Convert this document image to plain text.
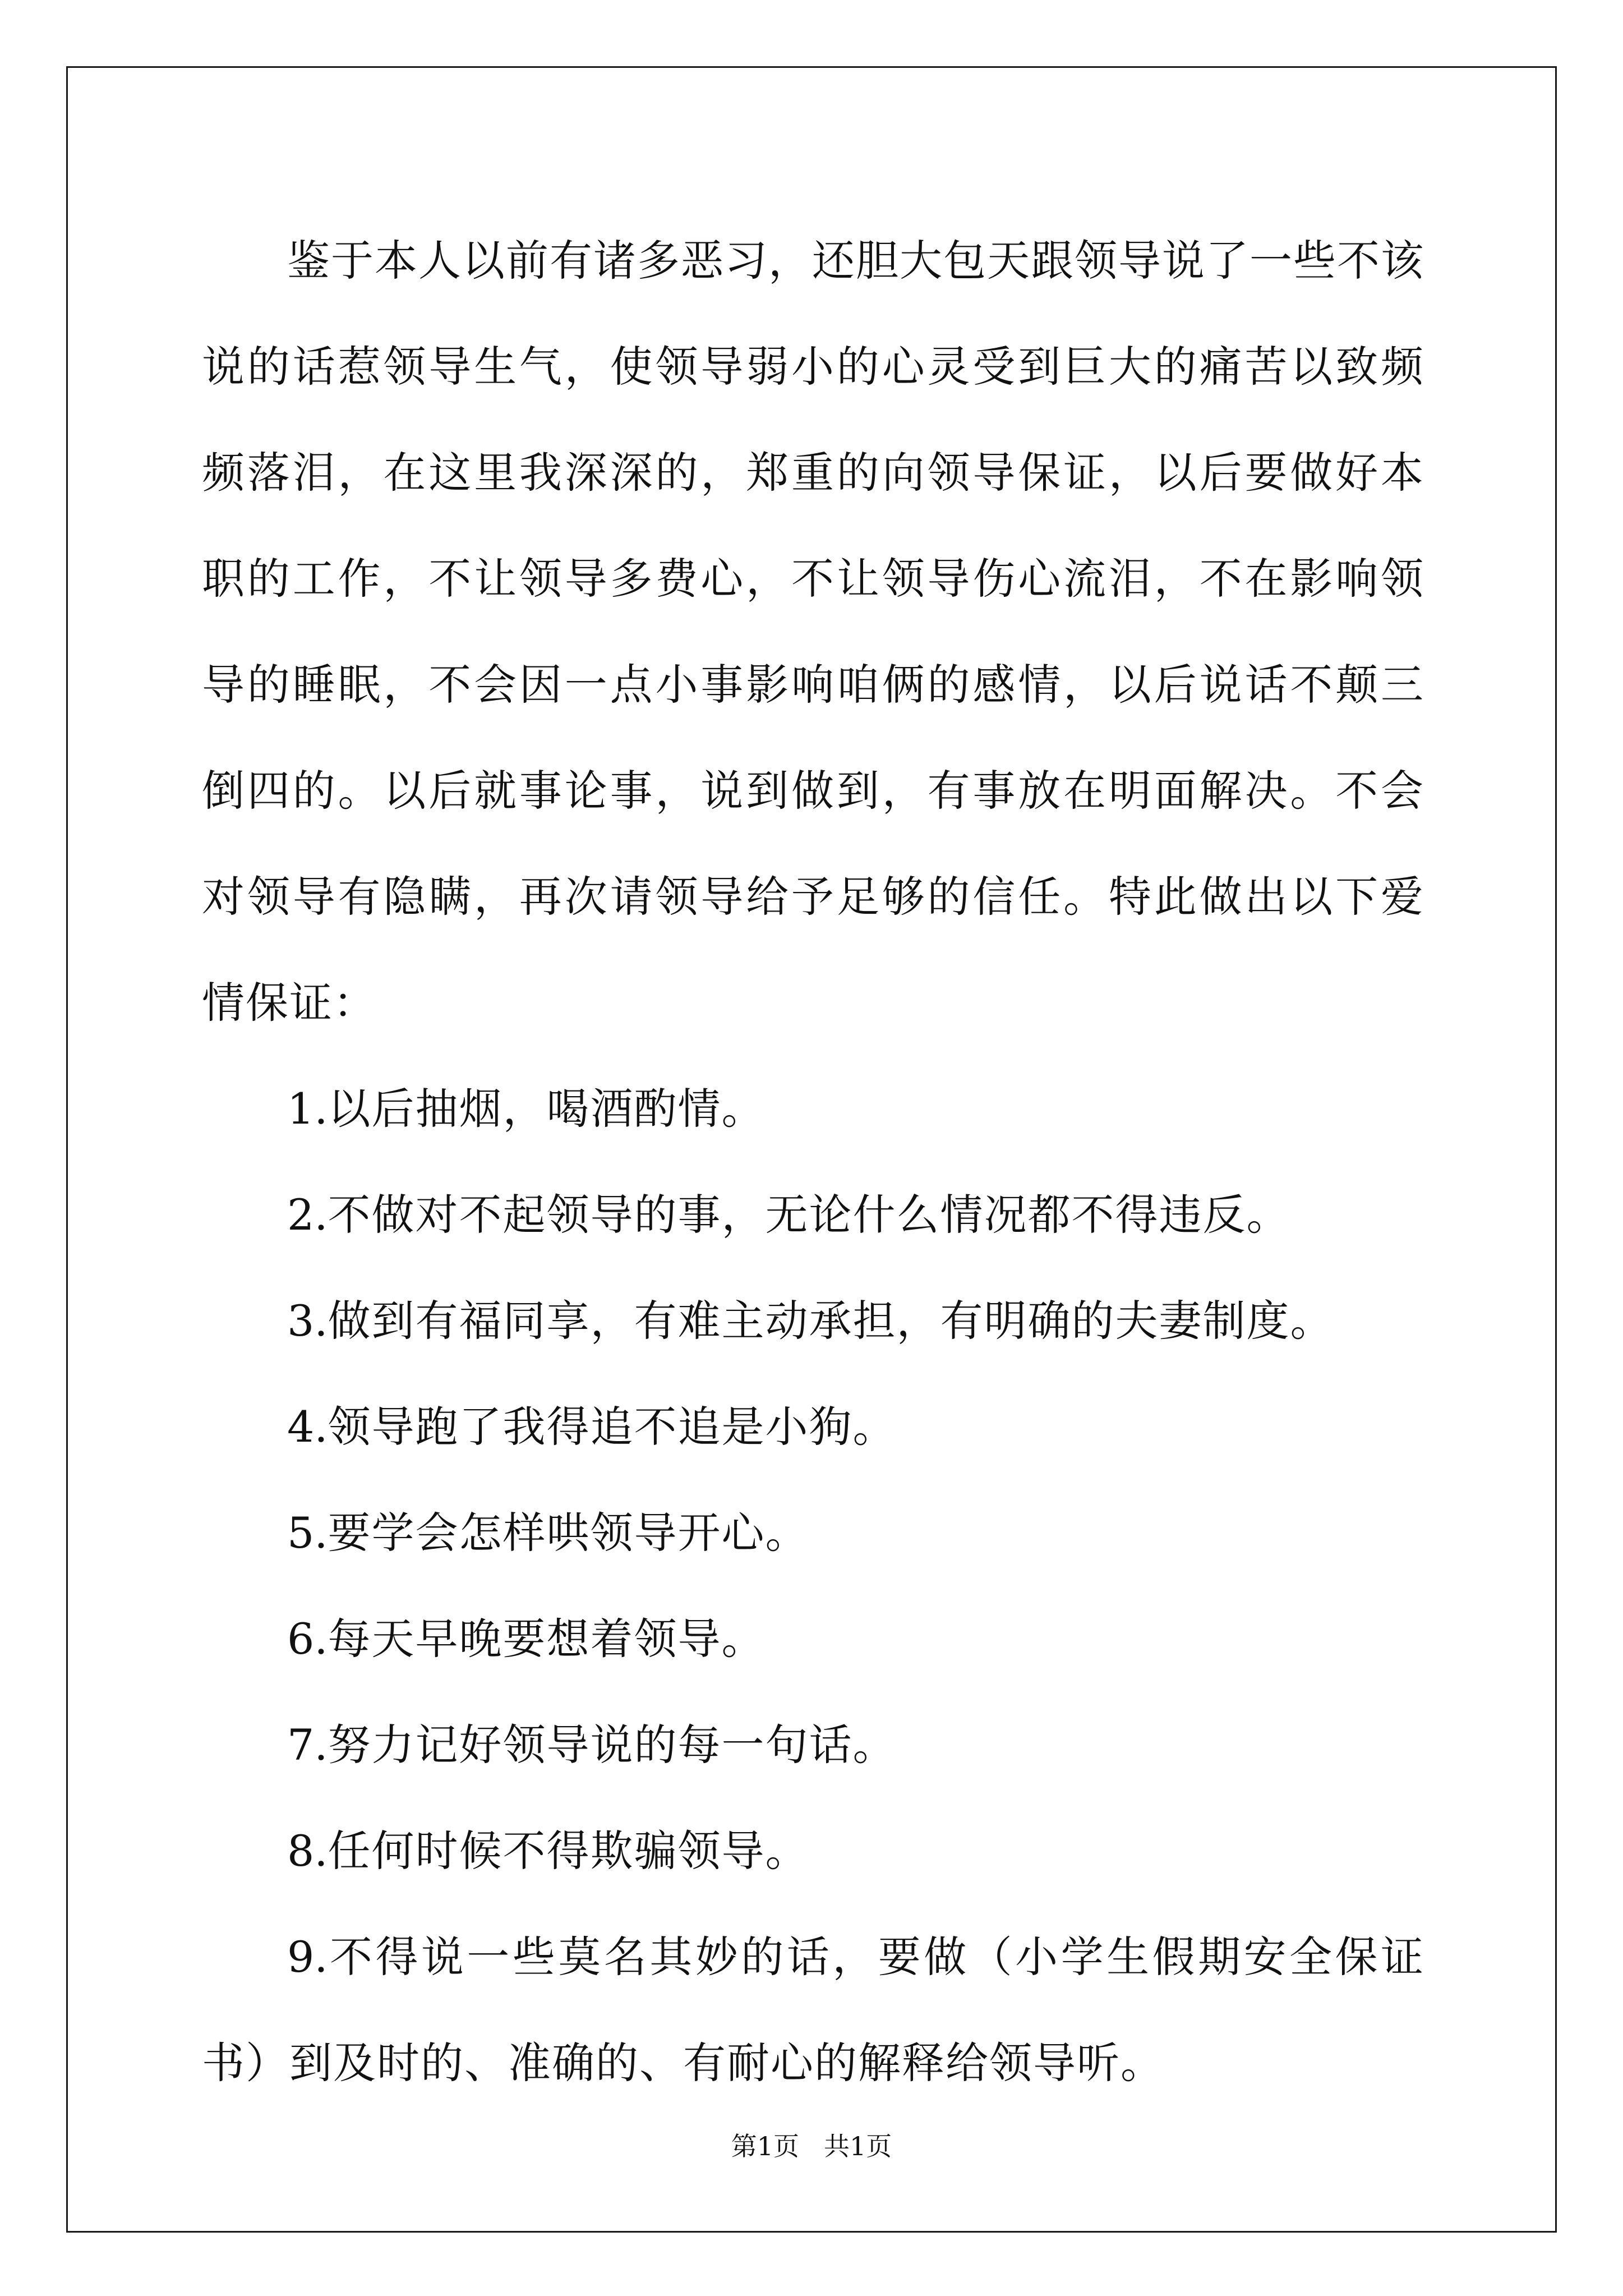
鉴于本人以前有诸多恶习，还胆大包天跟领导说了一些不该说的话惹领导生气，使领导弱小的心灵受到巨大的痛苦以致频频落泪，在这里我深深的，郑重的向领导保证，以后要做好本职的工作，不让领导多费心，不让领导伤心流泪，不在影响领导的睡眠，不会因一点小事影响咱俩的感情，以后说话不颠三倒四的。以后就事论事，说到做到，有事放在明面解决。不会对领导有隐瞒，再次请领导给予足够的信任。特此做出以下爱情保证：

1.以后抽烟，喝酒酌情。

2.不做对不起领导的事，无论什么情况都不得违反。

3.做到有福同享，有难主动承担，有明确的夫妻制度。

4.领导跑了我得追不追是小狗。

5.要学会怎样哄领导开心。

6.每天早晚要想着领导。

7.努力记好领导说的每一句话。

8.任何时候不得欺骗领导。

9.不得说一些莫名其妙的话，要做（小学生假期安全保证书）到及时的、准确的、有耐心的解释给领导听。

第1页 共1页
